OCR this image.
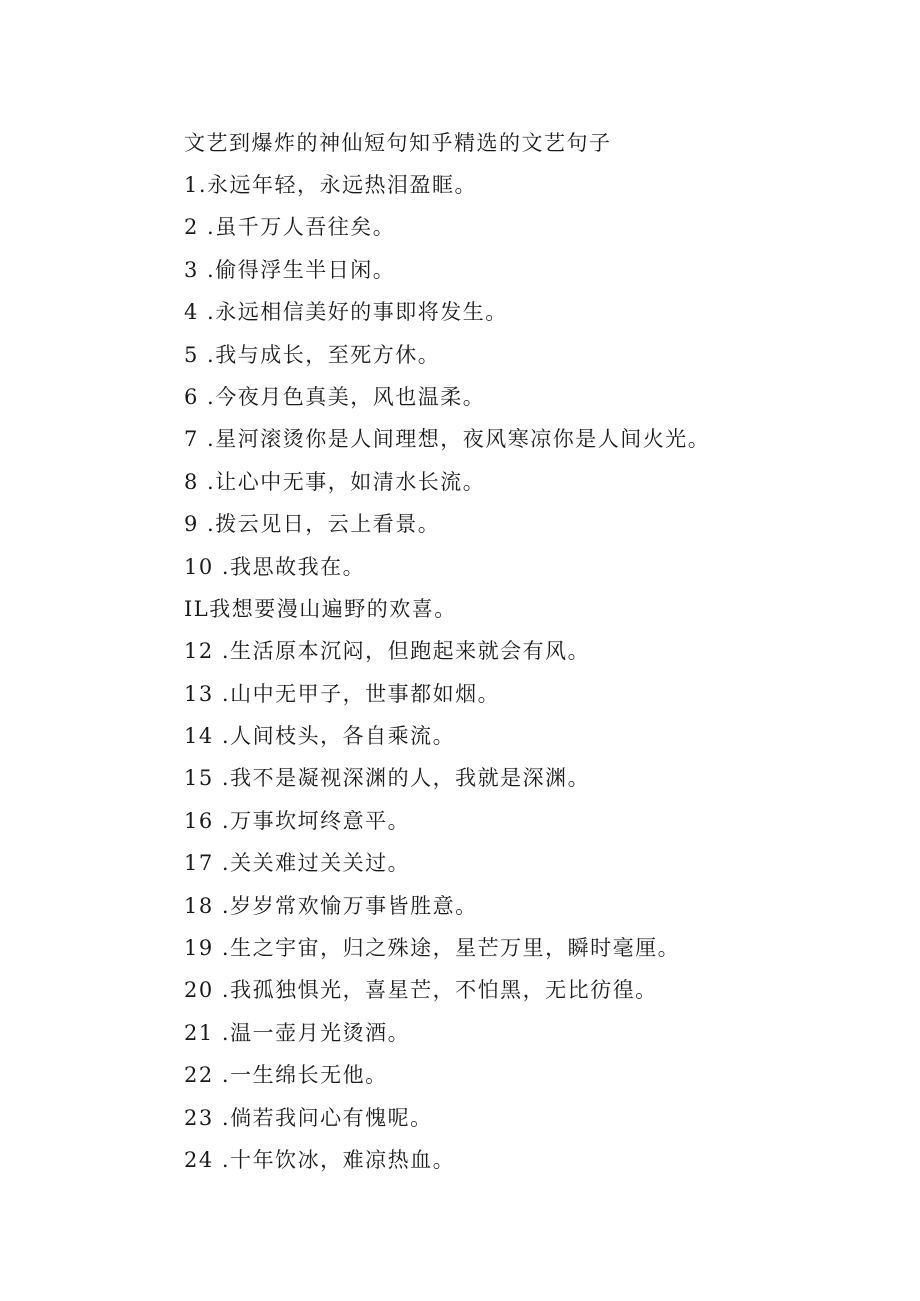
文艺到爆炸的神仙短句知乎精选的文艺句子
1.永远年轻，永远热泪盈眶。
2 .虽千万人吾往矣。
3 .偷得浮生半日闲。
4 .永远相信美好的事即将发生。
5 .我与成长，至死方休。
6 .今夜月色真美，风也温柔。
7 .星河滚烫你是人间理想，夜风寒凉你是人间火光。
8 .让心中无事，如清水长流。
9 .拨云见日，云上看景。
10 .我思故我在。
IL我想要漫山遍野的欢喜。
12 .生活原本沉闷，但跑起来就会有风。
13 .山中无甲子，世事都如烟。
14 .人间枝头，各自乘流。
15 .我不是凝视深渊的人，我就是深渊。
16 .万事坎坷终意平。
17 .关关难过关关过。
18 .岁岁常欢愉万事皆胜意。
19 .生之宇宙，归之殊途，星芒万里，瞬时毫厘。
20 .我孤独惧光，喜星芒，不怕黑，无比彷徨。
21 .温一壶月光烫酒。
22 .一生绵长无他。
23 .倘若我问心有愧呢。
24 .十年饮冰，难凉热血。
